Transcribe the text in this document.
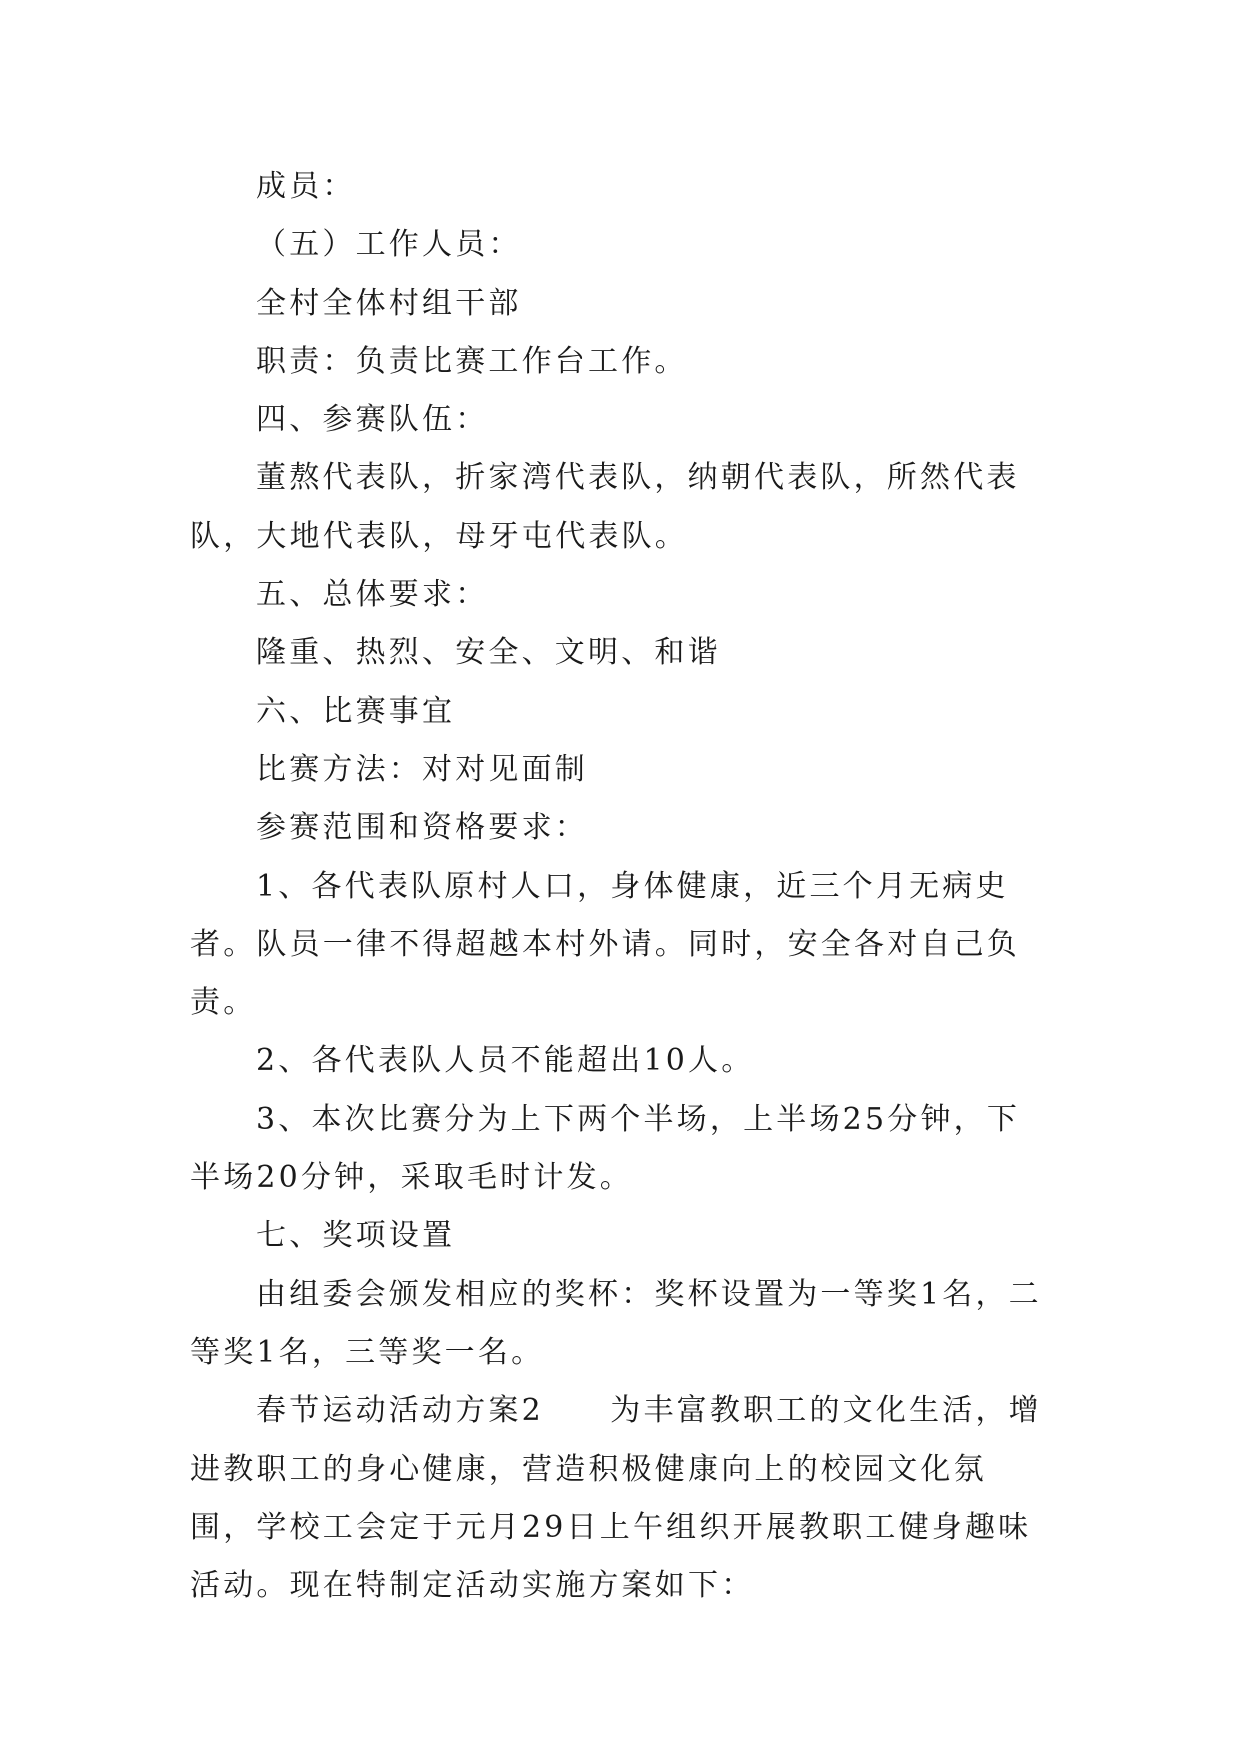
成员：

（五）工作人员：

全村全体村组干部

职责：负责比赛工作台工作。

四、参赛队伍：

董熬代表队，折家湾代表队，纳朝代表队，所然代表队，大地代表队，母牙屯代表队。

五、总体要求：

隆重、热烈、安全、文明、和谐

六、比赛事宜

比赛方法：对对见面制

参赛范围和资格要求：

1、各代表队原村人口，身体健康，近三个月无病史者。队员一律不得超越本村外请。同时，安全各对自己负责。

2、各代表队人员不能超出10人。

3、本次比赛分为上下两个半场，上半场25分钟，下半场20分钟，采取毛时计发。

七、奖项设置

由组委会颁发相应的奖杯：奖杯设置为一等奖1名，二等奖1名，三等奖一名。

春节运动活动方案2　　为丰富教职工的文化生活，增进教职工的身心健康，营造积极健康向上的校园文化氛围，学校工会定于元月29日上午组织开展教职工健身趣味活动。现在特制定活动实施方案如下：
